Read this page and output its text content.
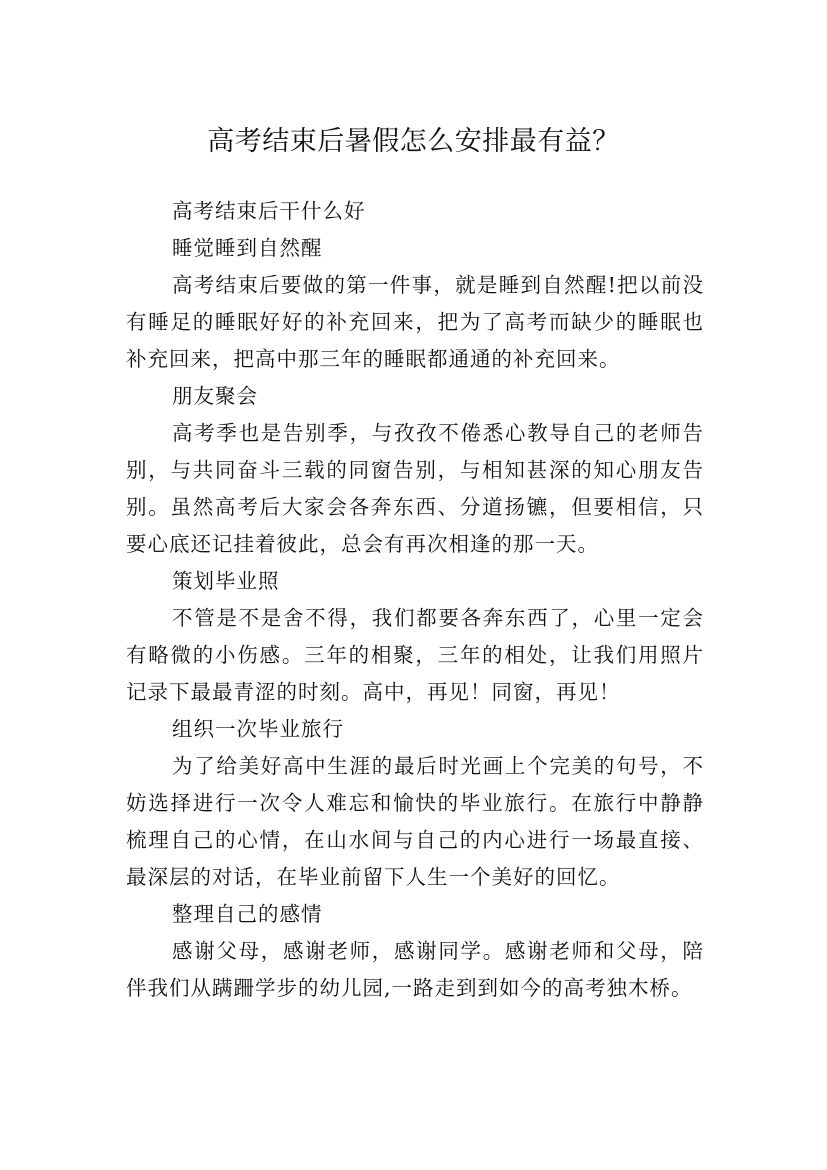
高考结束后暑假怎么安排最有益？
高考结束后干什么好
睡觉睡到自然醒
高考结束后要做的第一件事，就是睡到自然醒!把以前没有睡足的睡眠好好的补充回来，把为了高考而缺少的睡眠也补充回来，把高中那三年的睡眠都通通的补充回来。
朋友聚会
高考季也是告别季，与孜孜不倦悉心教导自己的老师告别，与共同奋斗三载的同窗告别，与相知甚深的知心朋友告别。虽然高考后大家会各奔东西、分道扬镳，但要相信，只要心底还记挂着彼此，总会有再次相逢的那一天。
策划毕业照
不管是不是舍不得，我们都要各奔东西了，心里一定会有略微的小伤感。三年的相聚，三年的相处，让我们用照片记录下最最青涩的时刻。高中，再见！同窗，再见！
组织一次毕业旅行
为了给美好高中生涯的最后时光画上个完美的句号，不妨选择进行一次令人难忘和愉快的毕业旅行。在旅行中静静梳理自己的心情，在山水间与自己的内心进行一场最直接、最深层的对话，在毕业前留下人生一个美好的回忆。
整理自己的感情
感谢父母，感谢老师，感谢同学。感谢老师和父母，陪伴我们从蹒跚学步的幼儿园,一路走到到如今的高考独木桥。
